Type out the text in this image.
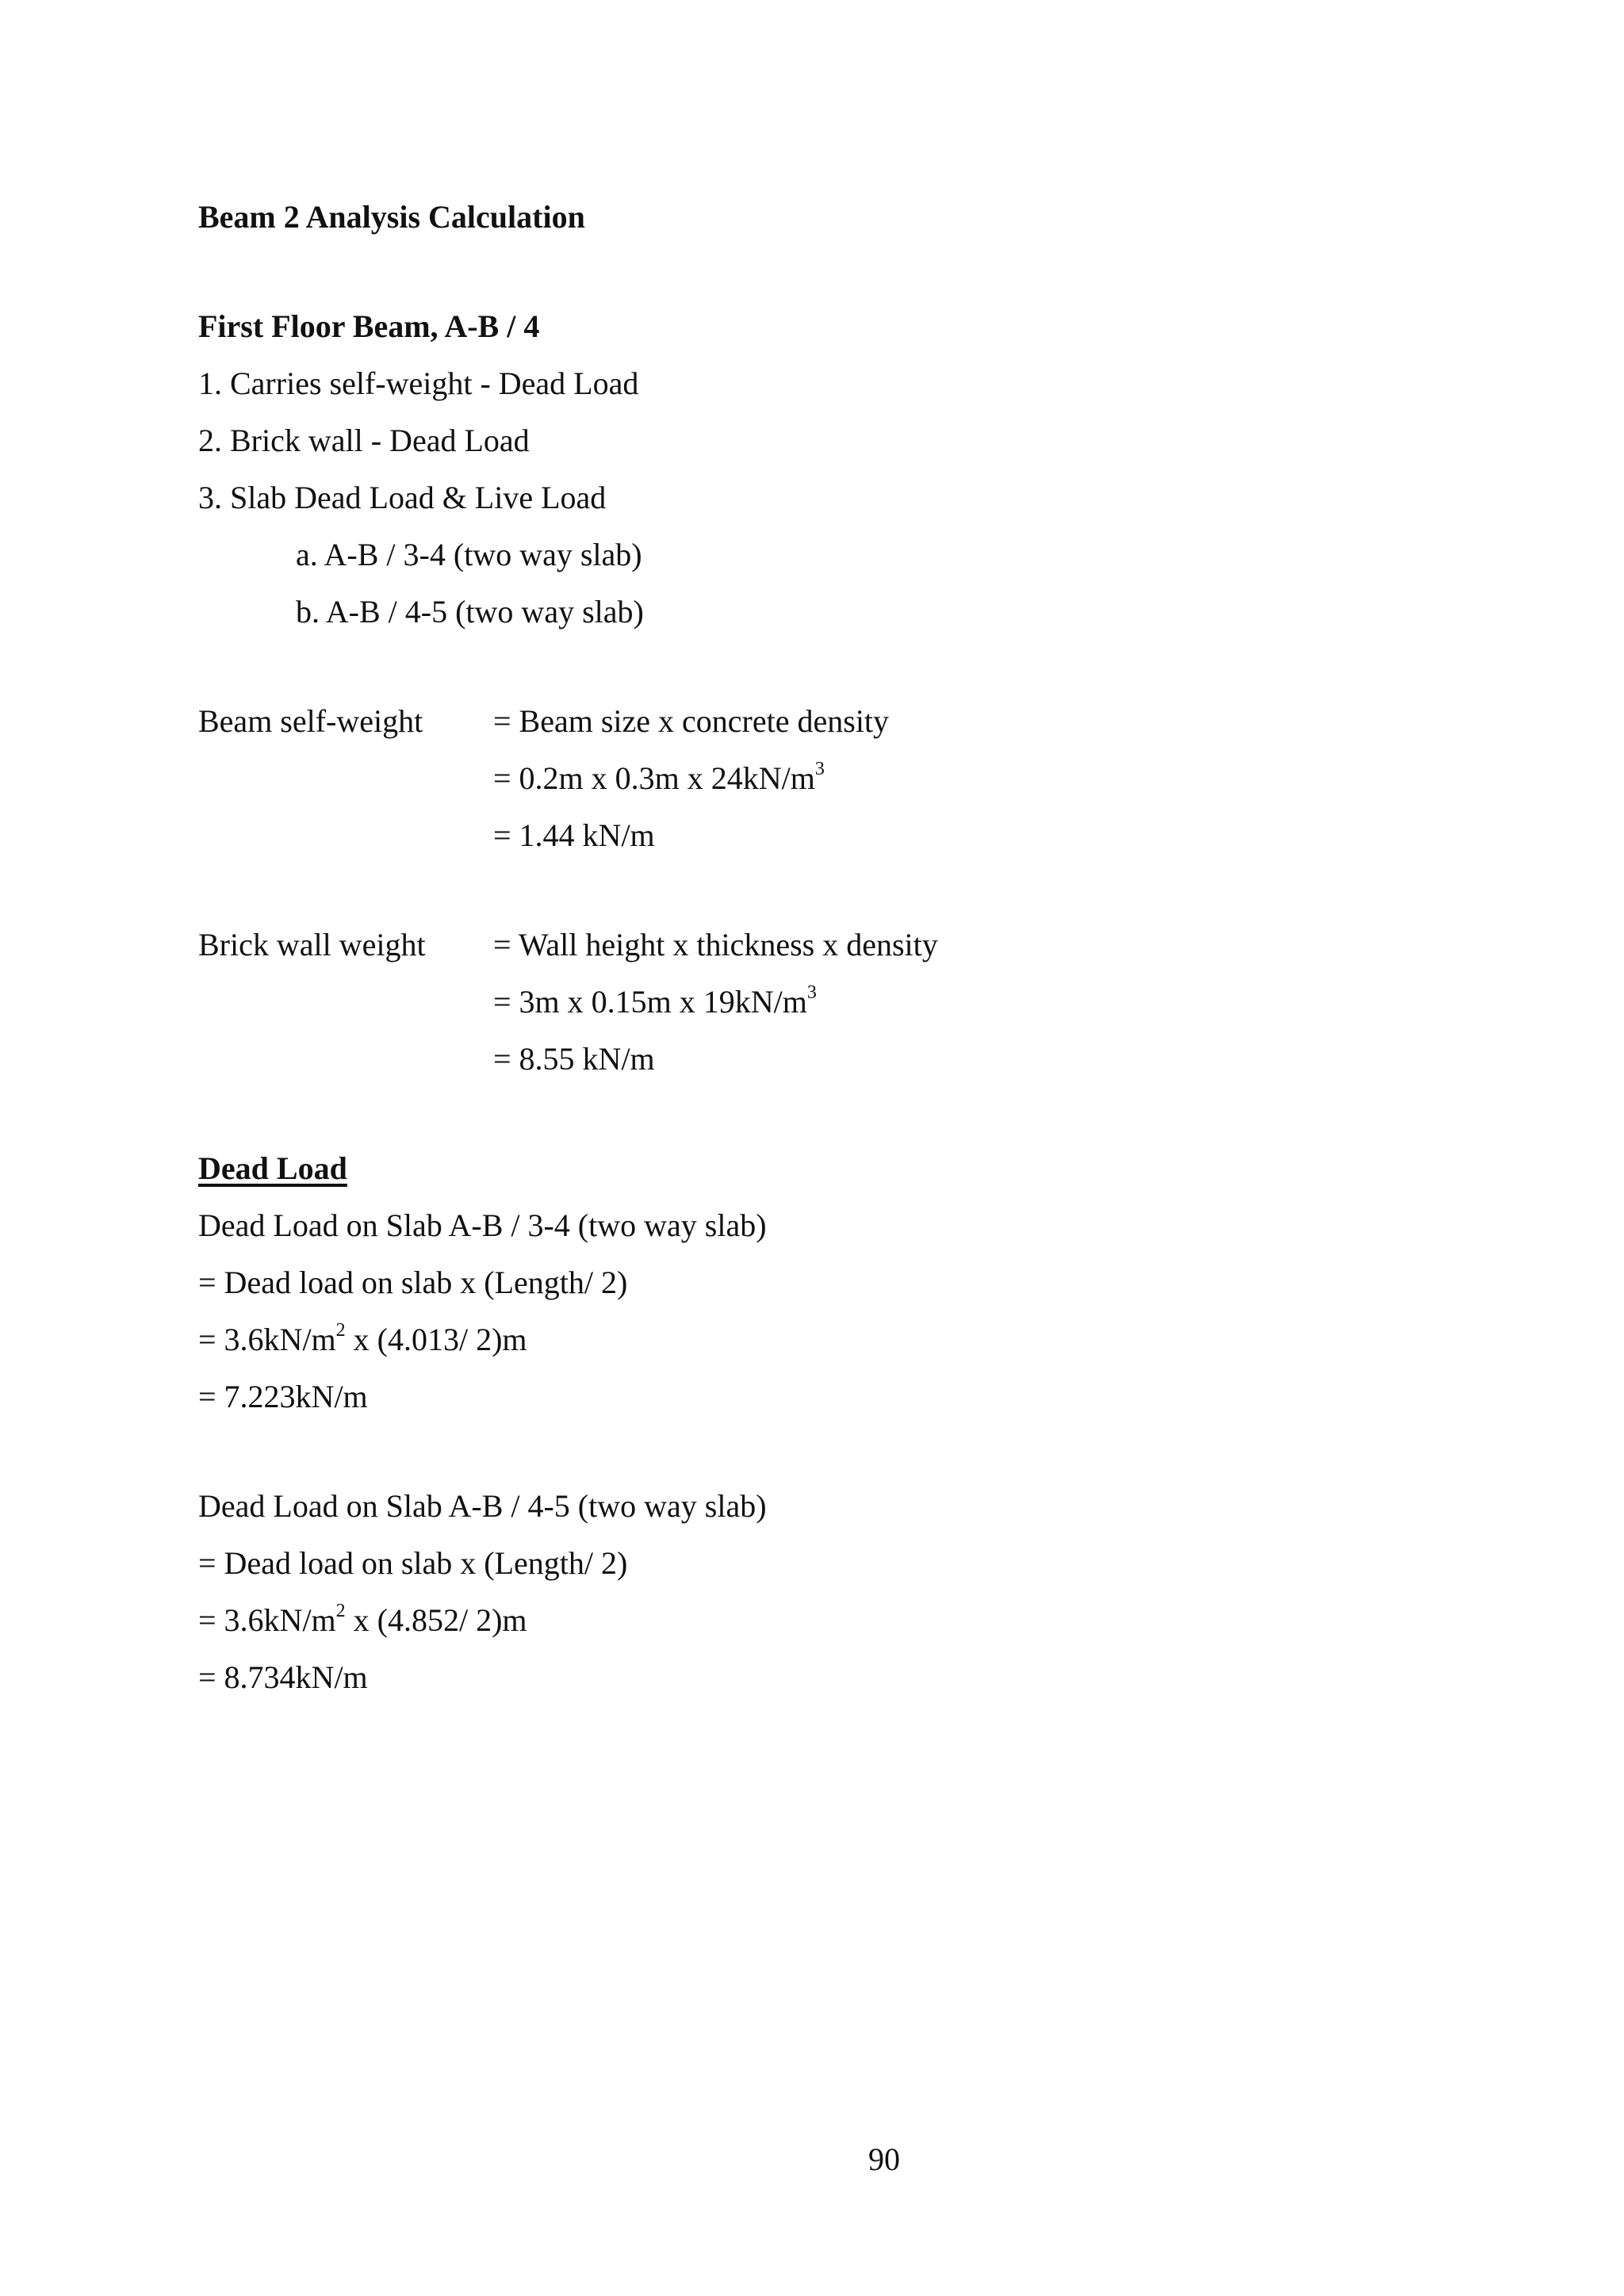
Beam 2 Analysis Calculation
First Floor Beam, A-B / 4
1. Carries self-weight - Dead Load
2. Brick wall - Dead Load
3. Slab Dead Load & Live Load
a. A-B / 3-4 (two way slab)
b. A-B / 4-5 (two way slab)
Beam self-weight = Beam size x concrete density
= 0.2m x 0.3m x $24kN/m^3$
= 1.44 kN/m
Brick wall weight = Wall height x thickness x density
= 3m x 0.15m x $19kN/m^3$
= 8.55 kN/m
Dead Load
Dead Load on Slab A-B / 3-4 (two way slab)
= Dead load on slab x (Length/ 2)
= $3.6kN/m^2$ x (4.013/ 2)m
= 7.223kN/m
Dead Load on Slab A-B / 4-5 (two way slab)
= Dead load on slab x (Length/ 2)
= $3.6kN/m^2$ x (4.852/ 2)m
= 8.734kN/m
90
